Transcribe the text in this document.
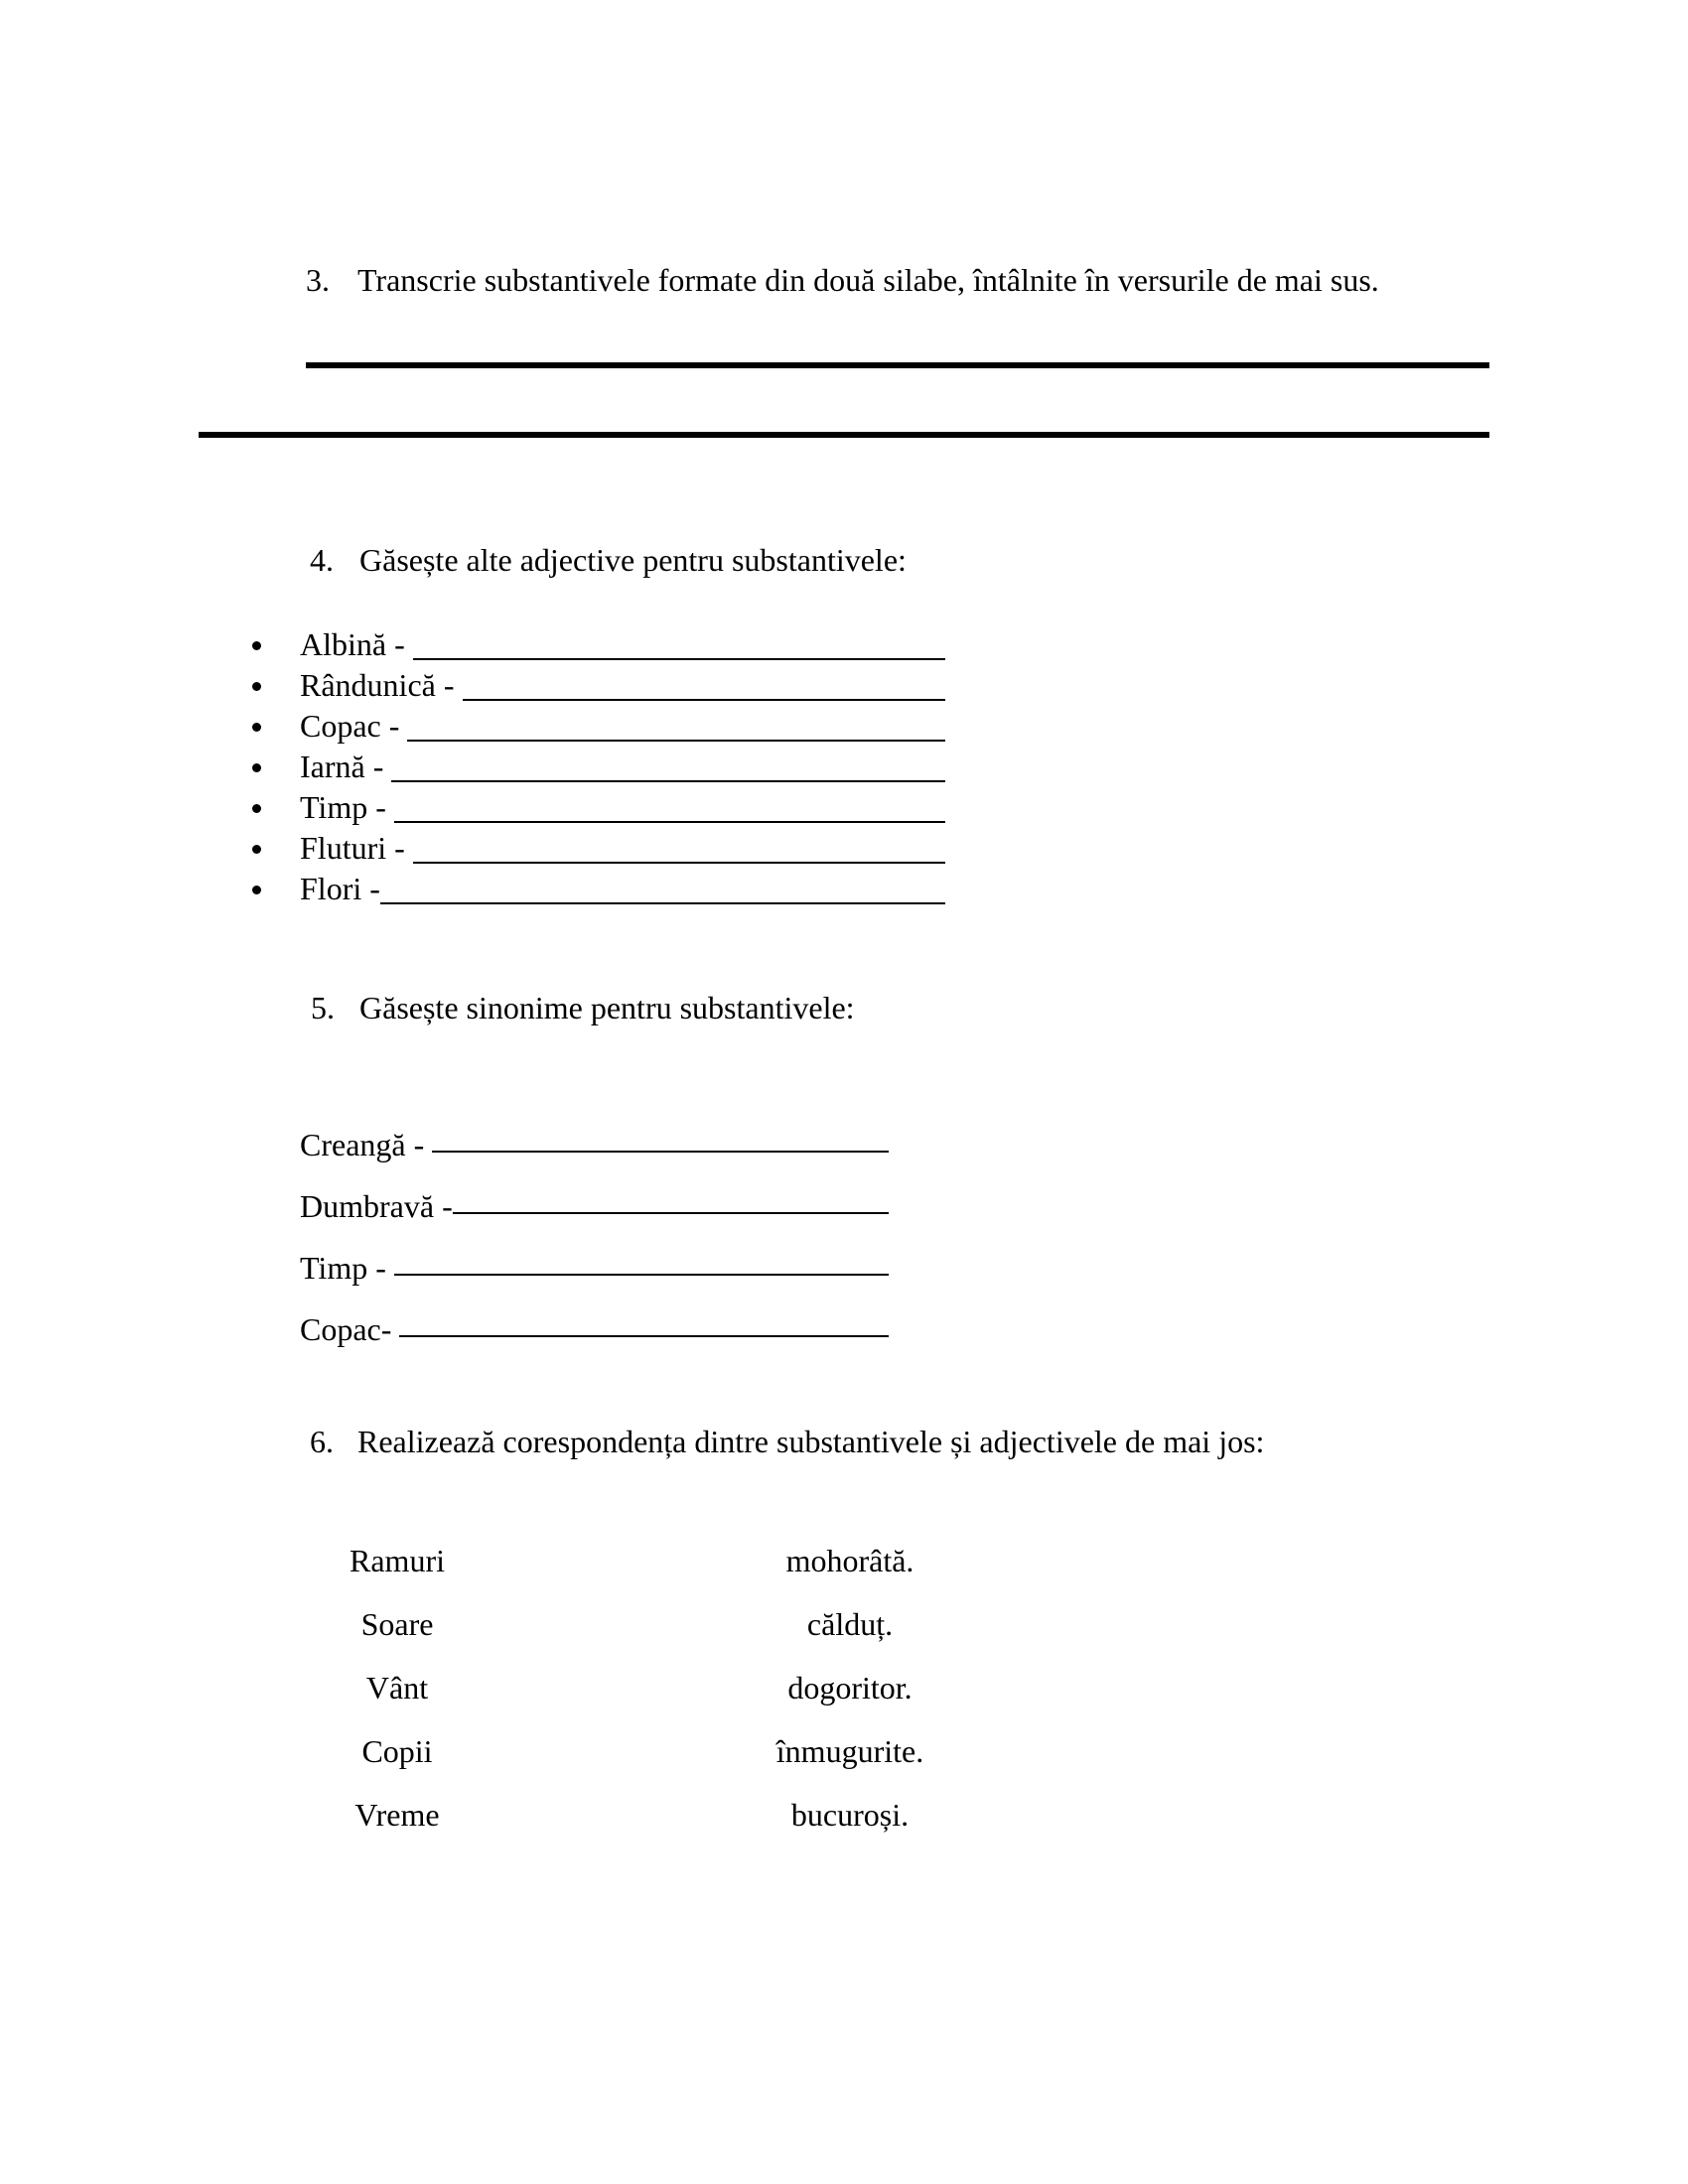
3. Transcrie substantivele formate din două silabe, întâlnite în versurile de mai sus.
4. Găsește alte adjective pentru substantivele:
Albină -
Rândunică -
Copac -
Iarnă -
Timp -
Fluturi -
Flori -
5. Găsește sinonime pentru substantivele:
Creangă -
Dumbravă -
Timp -
Copac-
6. Realizează corespondența dintre substantivele și adjectivele de mai jos:
Ramuri	mohorâtă.
Soare	călduț.
Vânt	dogoritor.
Copii	înmugurite.
Vreme	bucuroși.
